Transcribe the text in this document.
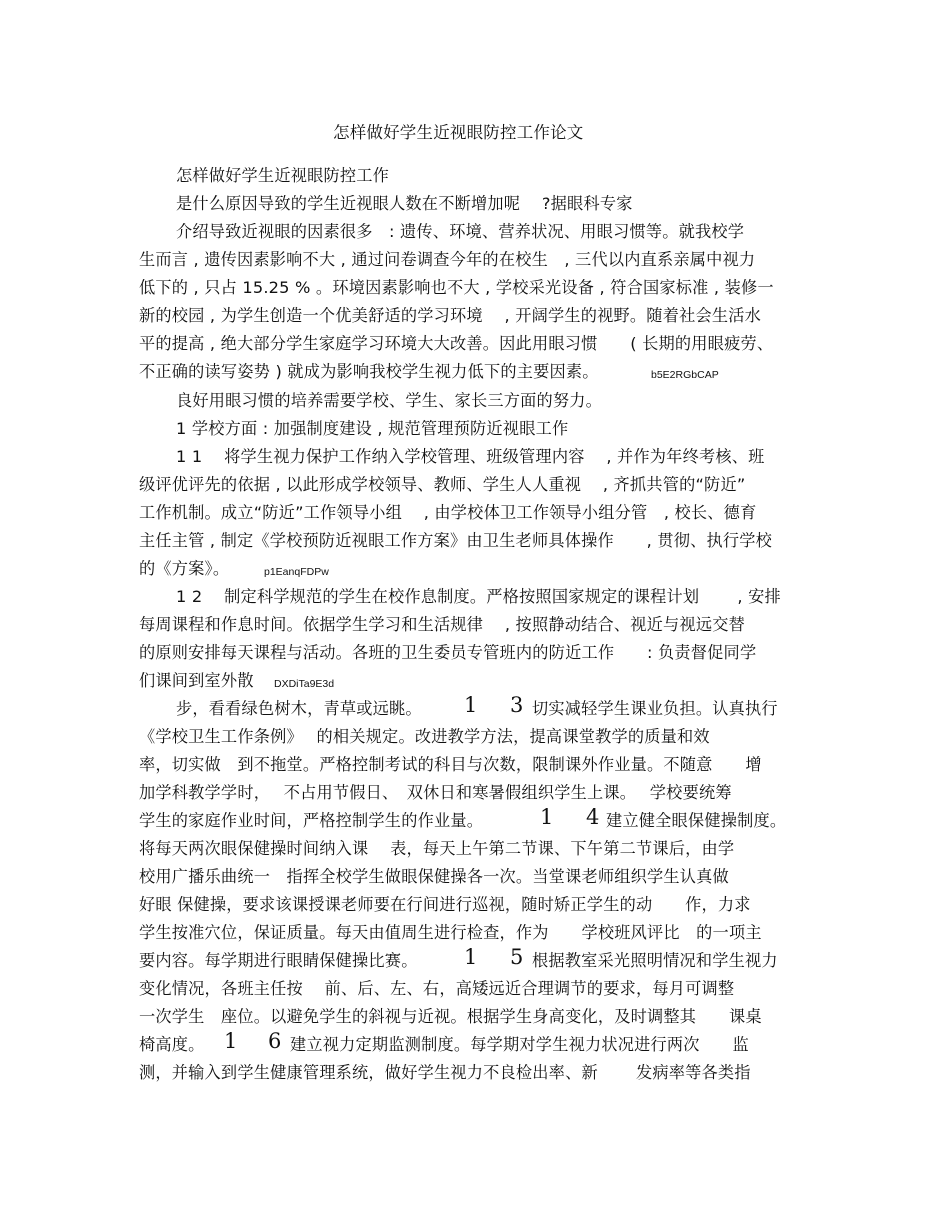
怎样做好学生近视眼防控工作论文
怎样做好学生近视眼防控工作
是什么原因导致的学生近视眼人数在不断增加呢　 ?据眼科专家
介绍导致近视眼的因素很多　: 遗传、环境、营养状况、用眼习惯等。就我校学
生而言 , 遗传因素影响不大 , 通过问卷调查今年的在校生　, 三代以内直系亲属中视力
低下的 , 只占 15.25 % 。环境因素影响也不大 , 学校采光设备 , 符合国家标准 , 装修一
新的校园 , 为学生创造一个优美舒适的学习环境　 , 开阔学生的视野。随着社会生活水
平的提高 , 绝大部分学生家庭学习环境大大改善。因此用眼习惯　　( 长期的用眼疲劳、
不正确的读写姿势 ) 就成为影响我校学生视力低下的主要因素。	b5E2RGbCAP
良好用眼习惯的培养需要学校、学生、家长三方面的努力。
1 学校方面 : 加强制度建设 , 规范管理预防近视眼工作
1 1　 将学生视力保护工作纳入学校管理、班级管理内容　 , 并作为年终考核、班
级评优评先的依据 , 以此形成学校领导、教师、学生人人重视　 , 齐抓共管的“防近”
工作机制。成立“防近”工作领导小组　 , 由学校体卫工作领导小组分管　, 校长、德育
主任主管 , 制定《学校预防近视眼工作方案》由卫生老师具体操作　　, 贯彻、执行学校
的《方案》。	p1EanqFDPw
1 2　 制定科学规范的学生在校作息制度。严格按照国家规定的课程计划　　 , 安排
每周课程和作息时间。依据学生学习和生活规律　 , 按照静动结合、视近与视远交替
的原则安排每天课程与活动。各班的卫生委员专管班内的防近工作　　: 负责督促同学
们课间到室外散 DXDiTa9E3d
步，看看绿色树木，青草或远眺。 1 3 切实减轻学生课业负担。认真执行
《学校卫生工作条例》　 的相关规定。改进教学方法，提高课堂教学的质量和效
率，切实做　到不拖堂。严格控制考试的科目与次数，限制课外作业量。不随意　　增
加学科教学学时，　 不占用节假日、　双休日和寒暑假组织学生上课。　 学校要统筹
学生的家庭作业时间，严格控制学生的作业量。	1 4 建立健全眼保健操制度。
将每天两次眼保健操时间纳入课　 表，每天上午第二节课、下午第二节课后，由学
校用广播乐曲统一　指挥全校学生做眼保健操各一次。当堂课老师组织学生认真做
好眼 保健操，要求该课授课老师要在行间进行巡视，随时矫正学生的动　　作，力求
学生按准穴位，保证质量。每天由值周生进行检查，作为　　学校班风评比　的一项主
要内容。每学期进行眼睛保健操比赛。 1 5 根据教室采光照明情况和学生视力
变化情况，各班主任按　 前、后、左、右，高矮远近合理调节的要求，每月可调整
一次学生　座位。以避免学生的斜视与近视。根据学生身高变化，及时调整其　　课桌
椅高度。 1 6 建立视力定期监测制度。每学期对学生视力状况进行两次　　监
测，并输入到学生健康管理系统，做好学生视力不良检出率、新　　 发病率等各类指
